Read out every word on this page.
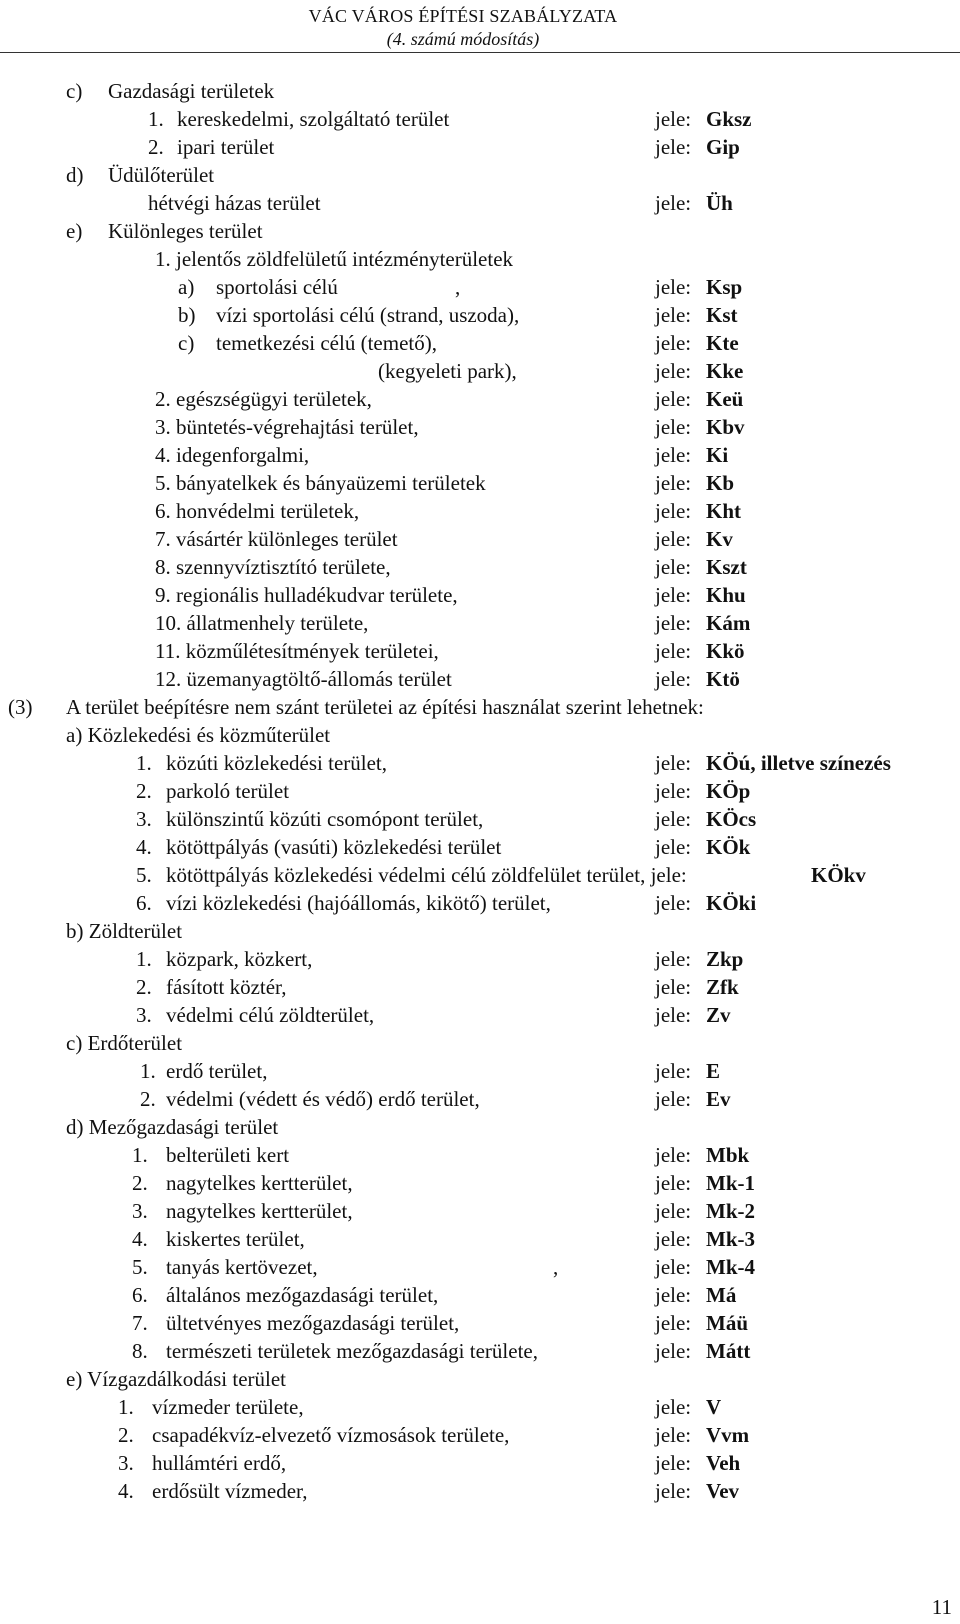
VÁC VÁROS ÉPÍTÉSI SZABÁLYZATA
(4. számú módosítás)
c) Gazdasági területek
1. kereskedelmi, szolgáltató terület	jele: Gksz
2. ipari terület	jele: Gip
d) Üdülőterület
hétvégi házas terület	jele: Üh
e) Különleges terület
1. jelentős zöldfelületű intézményterületek
a) sportolási célú	,	jele: Ksp
b) vízi sportolási célú (strand, uszoda),	jele: Kst
c) temetkezési célú (temető),	jele: Kte
(kegyeleti park),	jele: Kke
2. egészségügyi területek,	jele: Keü
3. büntetés-végrehajtási terület,	jele: Kbv
4. idegenforgalmi,	jele: Ki
5. bányatelkek és bányaüzemi területek	jele: Kb
6. honvédelmi területek,	jele: Kht
7. vásártér különleges terület	jele: Kv
8. szennyvíztisztító területe,	jele: Kszt
9. regionális hulladékudvar területe,	jele: Khu
10. állatmenhely területe,	jele: Kám
11. közműlétesítmények területei,	jele: Kkö
12. üzemanyagtöltő-állomás terület	jele: Ktö
(3) A terület beépítésre nem szánt területei az építési használat szerint lehetnek:
a) Közlekedési és közműterület
1. közúti közlekedési terület,	jele: KÖú, illetve színezés
2. parkoló terület	jele: KÖp
3. különszintű közúti csomópont terület,	jele: KÖcs
4. kötöttpályás (vasúti) közlekedési terület	jele: KÖk
5. kötöttpályás közlekedési védelmi célú zöldfelület terület, jele:	KÖkv
6. vízi közlekedési (hajóállomás, kikötő) terület,	jele: KÖki
b) Zöldterület
1. közpark, közkert,	jele: Zkp
2. fásított köztér,	jele: Zfk
3. védelmi célú zöldterület,	jele: Zv
c) Erdőterület
1. erdő terület,	jele: E
2. védelmi (védett és védő) erdő terület,	jele: Ev
d) Mezőgazdasági terület
1. belterületi kert	jele: Mbk
2. nagytelkes kertterület,	jele: Mk-1
3. nagytelkes kertterület,	jele: Mk-2
4. kiskertes terület,	jele: Mk-3
5. tanyás kertövezet,	,	jele: Mk-4
6. általános mezőgazdasági terület,	jele: Má
7. ültetvényes mezőgazdasági terület,	jele: Máü
8. természeti területek mezőgazdasági területe,	jele: Mátt
e) Vízgazdálkodási terület
1. vízmeder területe,	jele: V
2. csapadékvíz-elvezető vízmosások területe,	jele: Vvm
3. hullámtéri erdő,	jele: Veh
4. erdősült vízmeder,	jele: Vev
11
